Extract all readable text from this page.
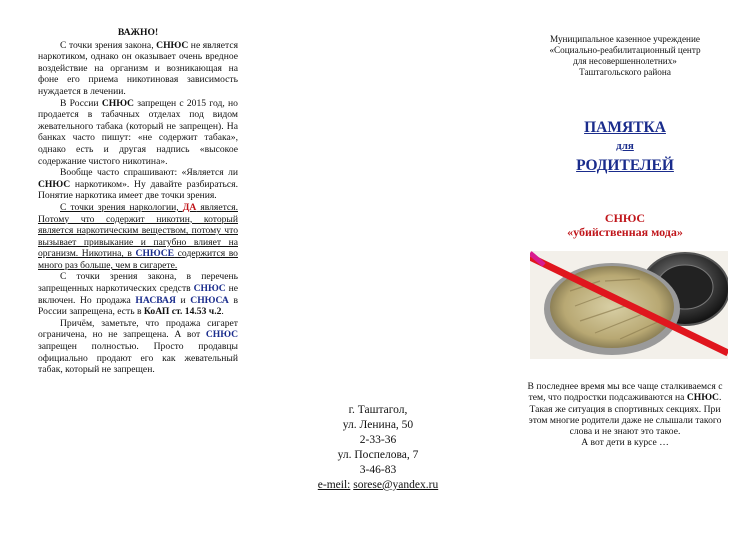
ВАЖНО!

С точки зрения закона, СНЮС не является наркотиком, однако он оказывает очень вредное воздействие на организм и возникающая на фоне его приема никотиновая зависимость нуждается в лечении.

В России СНЮС запрещен с 2015 год, но продается в табачных отделах под видом жевательного табака (который не запрещен). На банках часто пишут: «не содержит табака», однако есть и другая надпись «высокое содержание чистого никотина».

Вообще часто спрашивают: «Является ли СНЮС наркотиком». Ну давайте разбираться. Понятие наркотика имеет две точки зрения.

С точки зрения наркологии, ДА является. Потому что содержит никотин, который является наркотическим веществом, потому что вызывает привыкание и пагубно влияет на организм. Никотина, в СНЮСЕ содержится во много раз больше, чем в сигарете.

С точки зрения закона, в перечень запрещенных наркотических средств СНЮС не включен. Но продажа НАСВАЯ и СНЮСА в России запрещена, есть в КоАП ст. 14.53 ч.2.

Причём, заметьте, что продажа сигарет ограничена, но не запрещена. А вот СНЮС запрещен полностью. Просто продавцы официально продают его как жевательный табак, который не запрещен.

г. Таштагол,
ул. Ленина, 50
2-33-36
ул. Поспелова, 7
3-46-83
e-meil: sorese@yandex.ru
Муниципальное казенное учреждение
«Социально-реабилитационный центр
для несовершеннолетних»
Таштагольского района
ПАМЯТКА
для
РОДИТЕЛЕЙ
СНЮС
«убийственная мода»
В последнее время мы все чаще сталкиваемся с тем, что подростки подсаживаются на СНЮС.
Такая же ситуация в спортивных секциях. При этом многие родители даже не слышали такого слова и не знают это такое.
А вот дети в курсе …
